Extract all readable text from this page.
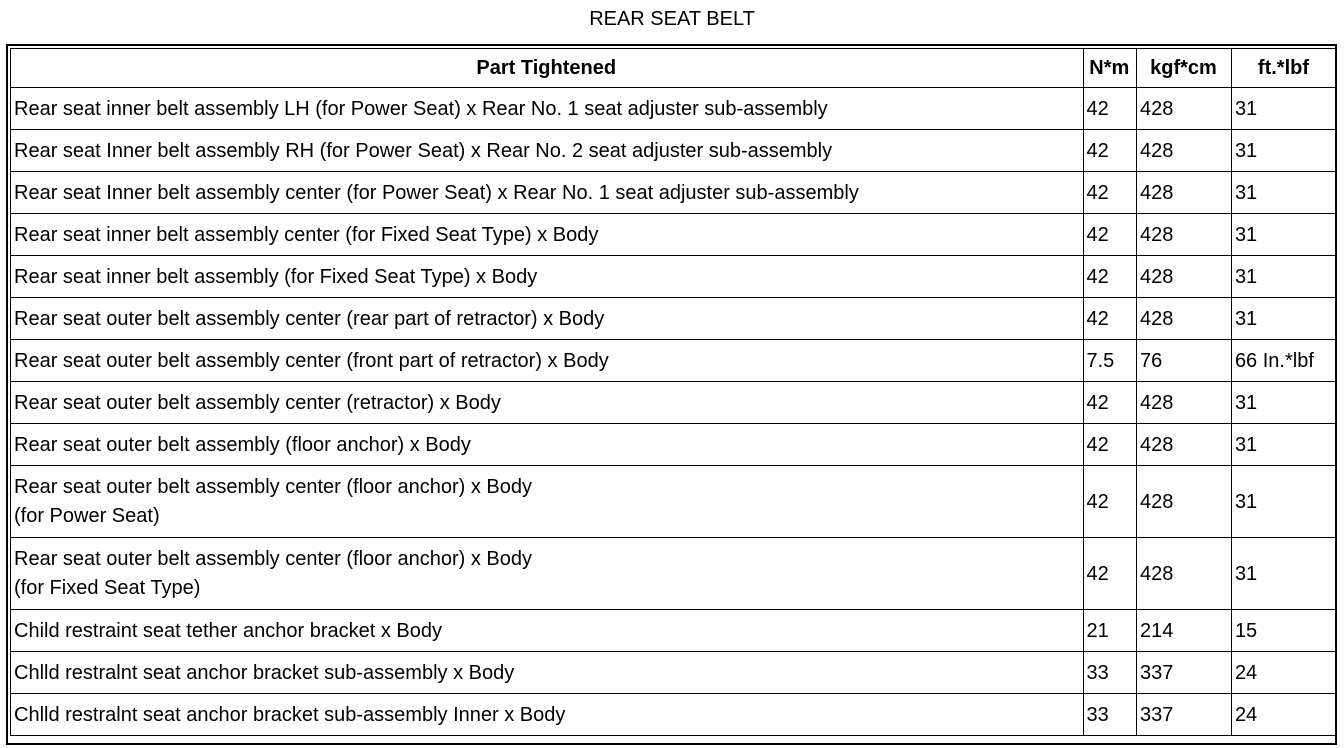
REAR SEAT BELT
Part Tightened	N*m	kgf*cm	ft.*lbf
Rear seat inner belt assembly LH (for Power Seat) x Rear No. 1 seat adjuster sub-assembly	42	428	31
Rear seat Inner belt assembly RH (for Power Seat) x Rear No. 2 seat adjuster sub-assembly	42	428	31
Rear seat Inner belt assembly center (for Power Seat) x Rear No. 1 seat adjuster sub-assembly	42	428	31
Rear seat inner belt assembly center (for Fixed Seat Type) x Body	42	428	31
Rear seat inner belt assembly (for Fixed Seat Type) x Body	42	428	31
Rear seat outer belt assembly center (rear part of retractor) x Body	42	428	31
Rear seat outer belt assembly center (front part of retractor) x Body	7.5	76	66 In.*lbf
Rear seat outer belt assembly center (retractor) x Body	42	428	31
Rear seat outer belt assembly (floor anchor) x Body	42	428	31

Rear seat outer belt assembly center (floor anchor) x Body
(for Power Seat)	42	428	31

Rear seat outer belt assembly center (floor anchor) x Body
(for Fixed Seat Type)	42	428	31
Child restraint seat tether anchor bracket x Body	21	214	15
Chlld restralnt seat anchor bracket sub-assembly x Body	33	337	24
Chlld restralnt seat anchor bracket sub-assembly Inner x Body	33	337	24
